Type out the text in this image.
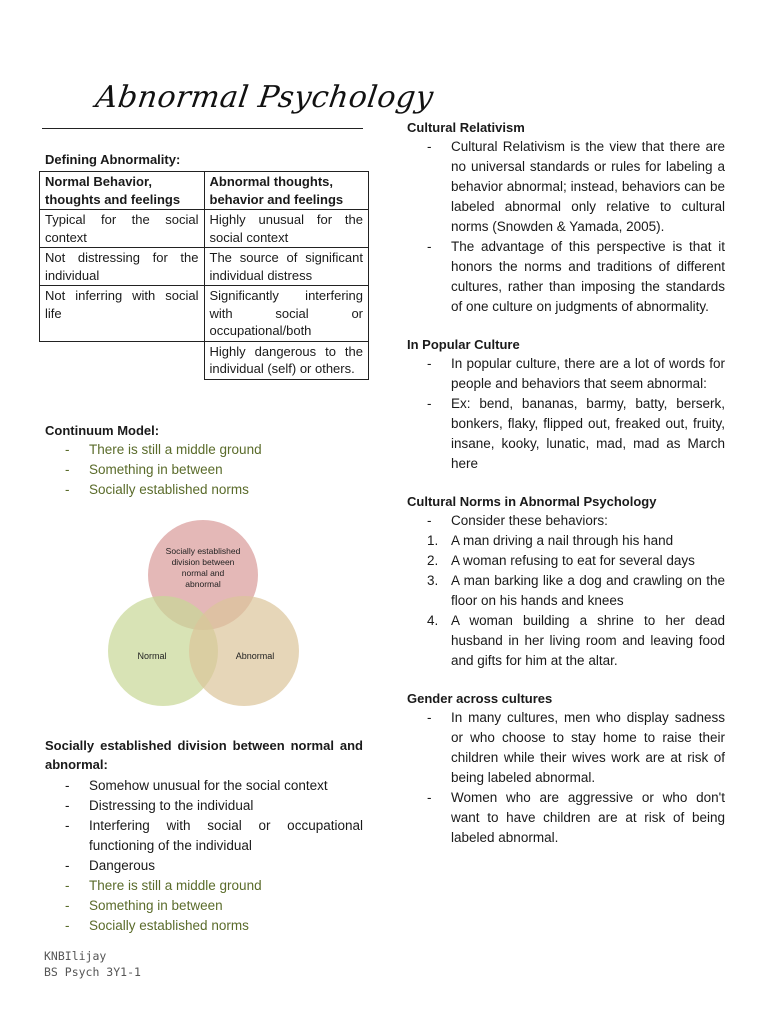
Abnormal Psychology
Defining Abnormality:
Normal Behavior, thoughts and feelings	Abnormal thoughts, behavior and feelings
Typical for the social context	Highly unusual for the social context
Not distressing for the individual	The source of significant individual distress
Not inferring with social life	Significantly interfering with social or occupational/both
	Highly dangerous to the individual (self) or others.
Continuum Model:
- There is still a middle ground
- Something in between
- Socially established norms
Socially established
division between
normal and
abnormal
Normal	Abnormal
Socially established division between normal and abnormal:
- Somehow unusual for the social context
- Distressing to the individual
- Interfering with social or occupational functioning of the individual
- Dangerous
- There is still a middle ground
- Something in between
- Socially established norms
Cultural Relativism
- Cultural Relativism is the view that there are no universal standards or rules for labeling a behavior abnormal; instead, behaviors can be labeled abnormal only relative to cultural norms (Snowden & Yamada, 2005).
- The advantage of this perspective is that it honors the norms and traditions of different cultures, rather than imposing the standards of one culture on judgments of abnormality.
In Popular Culture
- In popular culture, there are a lot of words for people and behaviors that seem abnormal:
- Ex: bend, bananas, barmy, batty, berserk, bonkers, flaky, flipped out, freaked out, fruity, insane, kooky, lunatic, mad, mad as March here
Cultural Norms in Abnormal Psychology
- Consider these behaviors:
1. A man driving a nail through his hand
2. A woman refusing to eat for several days
3. A man barking like a dog and crawling on the floor on his hands and knees
4. A woman building a shrine to her dead husband in her living room and leaving food and gifts for him at the altar.
Gender across cultures
- In many cultures, men who display sadness or who choose to stay home to raise their children while their wives work are at risk of being labeled abnormal.
- Women who are aggressive or who don't want to have children are at risk of being labeled abnormal.
KNBIlijay
BS Psych 3Y1-1
